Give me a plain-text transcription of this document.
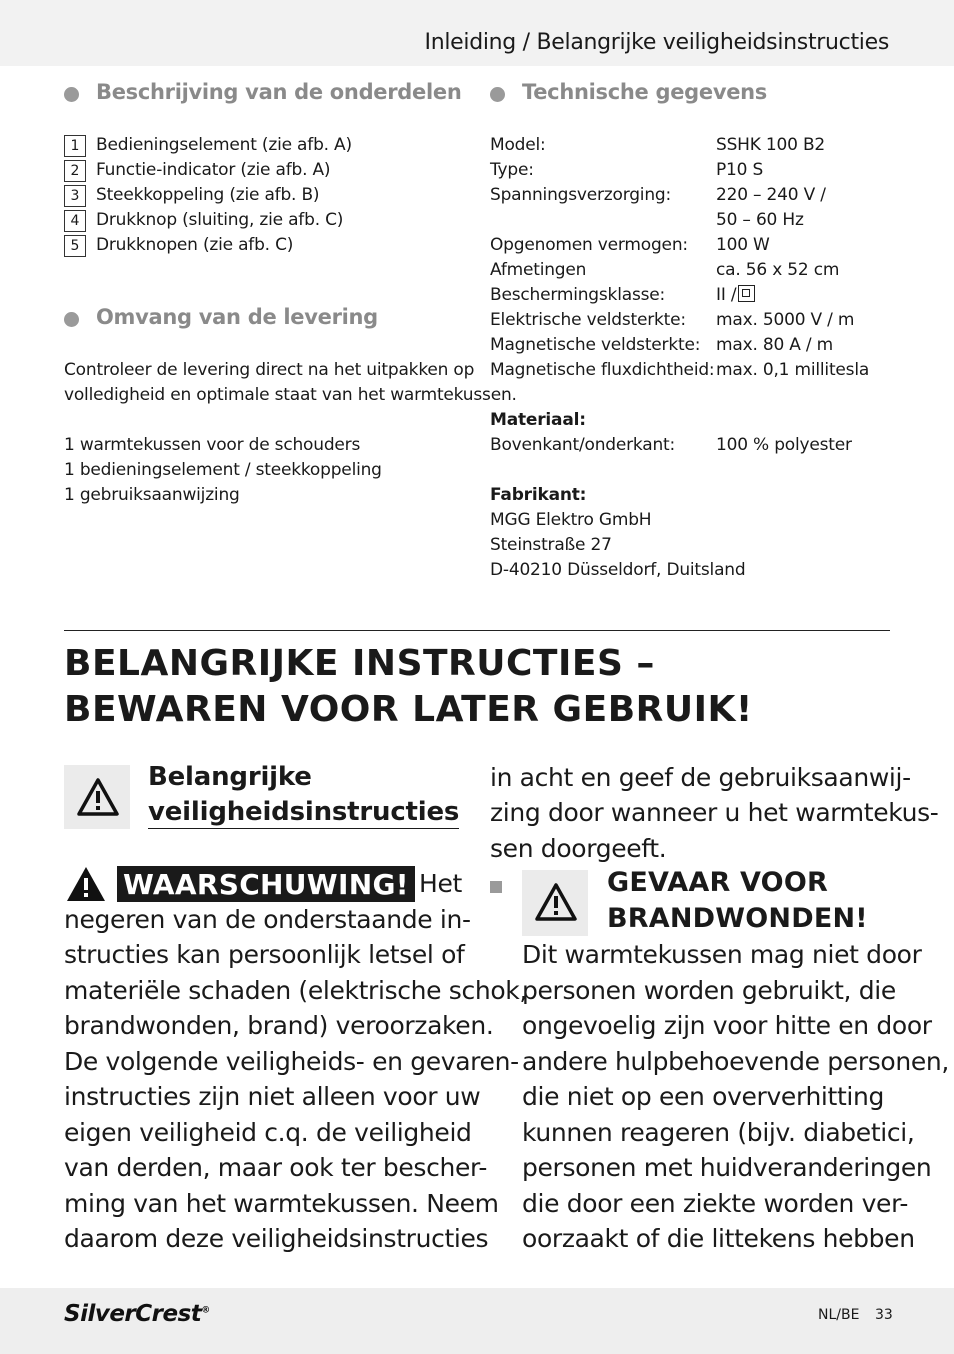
Inleiding / Belangrijke veiligheidsinstructies
Beschrijving van de onderdelen
1 Bedieningselement (zie afb. A)
2 Functie-indicator (zie afb. A)
3 Steekkoppeling (zie afb. B)
4 Drukknop (sluiting, zie afb. C)
5 Drukknopen (zie afb. C)
Omvang van de levering
Controleer de levering direct na het uitpakken op
volledigheid en optimale staat van het warmtekussen.
1 warmtekussen voor de schouders
1 bedieningselement / steekkoppeling
1 gebruiksaanwijzing
Technische gegevens
Model:	SSHK 100 B2
Type:	P10 S
Spanningsverzorging:	220 – 240 V /
50 – 60 Hz
Opgenomen vermogen: 100 W
Afmetingen	ca. 56 x 52 cm
Beschermingsklasse:	II /
Elektrische veldsterkte: max. 5000 V / m
Magnetische veldsterkte: max. 80 A / m
Magnetische fluxdichtheid: max. 0,1 millitesla
Materiaal:
Bovenkant/onderkant: 100 % polyester
Fabrikant:
MGG Elektro GmbH
Steinstraße 27
D-40210 Düsseldorf, Duitsland
BELANGRIJKE INSTRUCTIES –
BEWAREN VOOR LATER GEBRUIK!
Belangrijke
veiligheidsinstructies
WAARSCHUWING! Het
negeren van de onderstaande in-
structies kan persoonlijk letsel of
materiële schaden (elektrische schok,
brandwonden, brand) veroorzaken.
De volgende veiligheids- en gevaren-
instructies zijn niet alleen voor uw
eigen veiligheid c.q. de veiligheid
van derden, maar ook ter bescher-
ming van het warmtekussen. Neem
daarom deze veiligheidsinstructies
in acht en geef de gebruiksaanwij-
zing door wanneer u het warmtekus-
sen doorgeeft.
GEVAAR VOOR
BRANDWONDEN!
Dit warmtekussen mag niet door
personen worden gebruikt, die
ongevoelig zijn voor hitte en door
andere hulpbehoevende personen,
die niet op een oververhitting
kunnen reageren (bijv. diabetici,
personen met huidveranderingen
die door een ziekte worden ver-
oorzaakt of die littekens hebben
SilverCrest®	NL/BE 33
